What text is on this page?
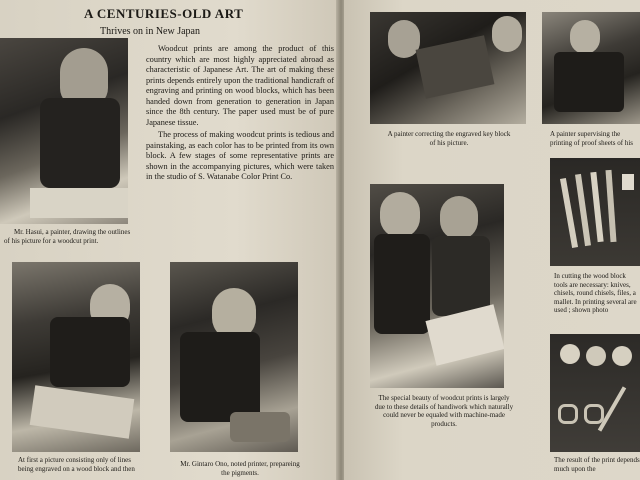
A CENTURIES-OLD ART
Thrives on in New Japan
Mr. Hasui, a painter, drawing the outlines of his picture for a woodcut print.

Woodcut prints are among the product of this country which are most highly appreciated abroad as characteristic of Japanese Art. The art of making these prints depends entirely upon the traditional handicraft of engraving and printing on wood blocks, which has been handed down from generation to generation in Japan since the 8th century. The paper used must be of pure Japanese tissue.

The process of making woodcut prints is tedious and painstaking, as each color has to be printed from its own block. A few stages of some representative prints are shown in the accompanying pictures, which were taken in the studio of S. Watanabe Color Print Co.

At first a picture consisting only of lines being engraved on a wood block and then
Mr. Gintaro Ono, noted printer, prepareing the pigments.
A painter correcting the engraved key block of his picture.
A painter supervising the printing of proof sheets of his
In cutting the wood block tools are necessary: knives, chisels, round chisels, files, a mallet. In printing several are used ; shown photo
The special beauty of woodcut prints is largely due to these details of handiwork which naturally could never be equaled with machine-made products.
The result of the print depends much upon the
